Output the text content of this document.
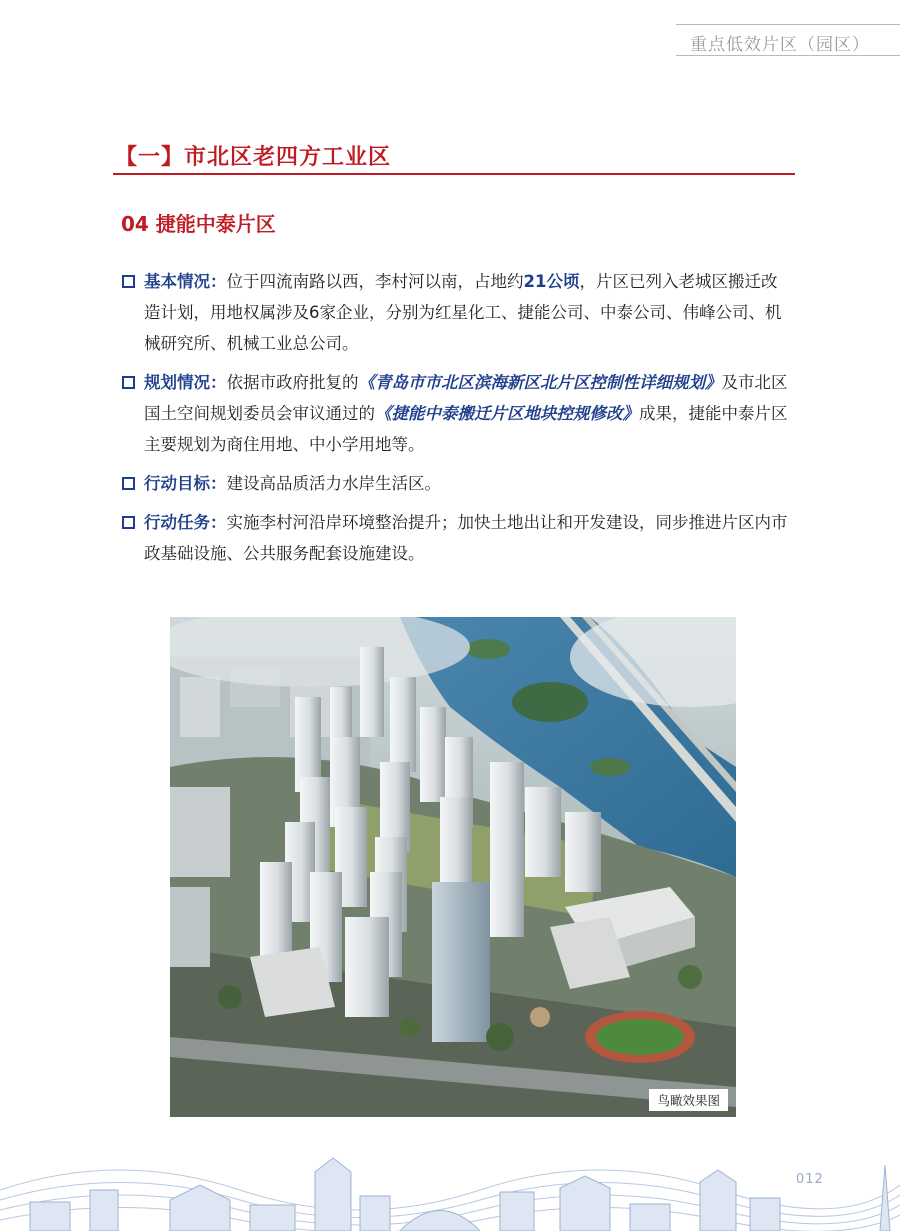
重点低效片区（园区）
【一】市北区老四方工业区
04 捷能中泰片区
基本情况：位于四流南路以西，李村河以南，占地约21公顷，片区已列入老城区搬迁改造计划，用地权属涉及6家企业，分别为红星化工、捷能公司、中泰公司、伟峰公司、机械研究所、机械工业总公司。
规划情况：依据市政府批复的《青岛市市北区滨海新区北片区控制性详细规划》及市北区国土空间规划委员会审议通过的《捷能中泰搬迁片区地块控规修改》成果，捷能中泰片区主要规划为商住用地、中小学用地等。
行动目标：建设高品质活力水岸生活区。
行动任务：实施李村河沿岸环境整治提升；加快土地出让和开发建设，同步推进片区内市政基础设施、公共服务配套设施建设。
鸟瞰效果图
012
